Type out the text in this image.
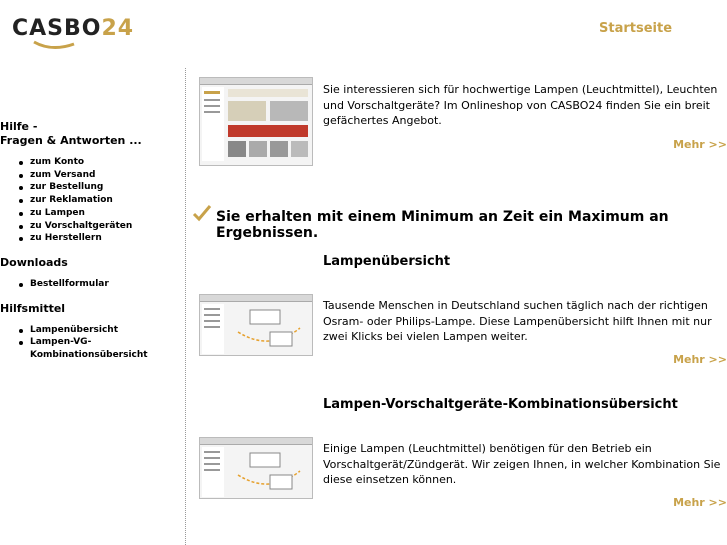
CASBO24	Startseite
Hilfe -
Fragen & Antworten ...
zum Konto
zum Versand
zur Bestellung
zur Reklamation
zu Lampen
zu Vorschaltgeräten
zu Herstellern
Downloads
Bestellformular
Hilfsmittel
Lampenübersicht
Lampen-VG-Kombinationsübersicht
Sie interessieren sich für hochwertige Lampen (Leuchtmittel), Leuchten und Vorschaltgeräte? Im Onlineshop von CASBO24 finden Sie ein breit gefächertes Angebot.
Mehr >>
Sie erhalten mit einem Minimum an Zeit ein Maximum an Ergebnissen.
Lampenübersicht
Tausende Menschen in Deutschland suchen täglich nach der richtigen Osram- oder Philips-Lampe. Diese Lampenübersicht hilft Ihnen mit nur zwei Klicks bei vielen Lampen weiter.
Mehr >>
Lampen-Vorschaltgeräte-Kombinationsübersicht
Einige Lampen (Leuchtmittel) benötigen für den Betrieb ein Vorschaltgerät/Zündgerät. Wir zeigen Ihnen, in welcher Kombination Sie diese einsetzen können.
Mehr >>
